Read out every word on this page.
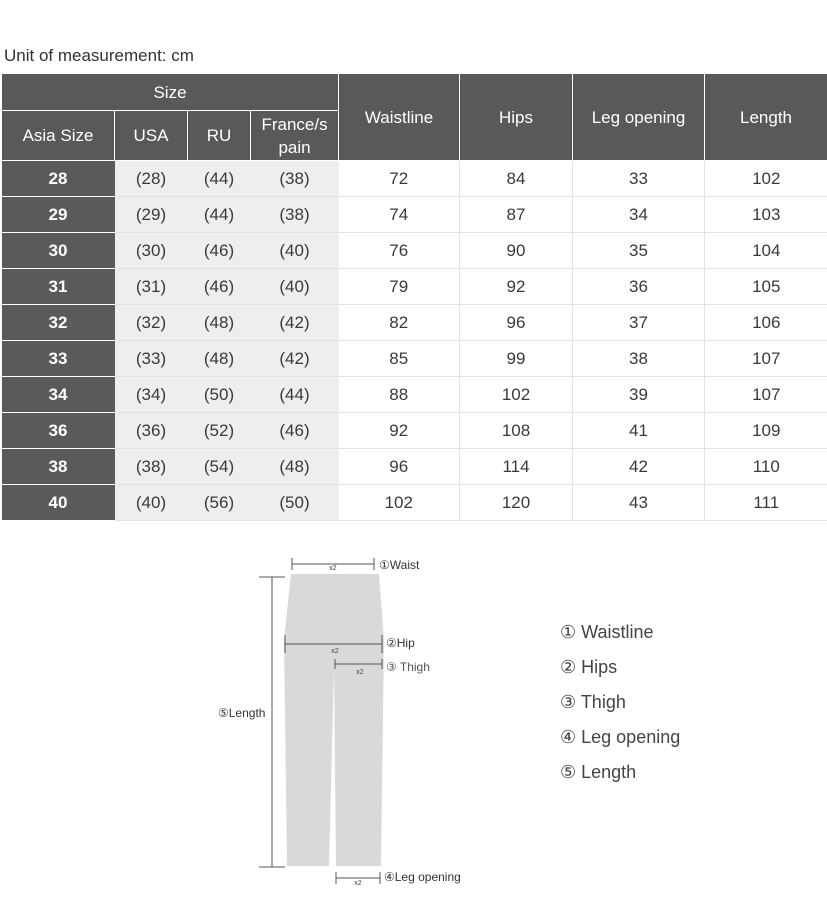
Unit of measurement: cm
Size				Waistline	Hips	Leg opening	Length
Asia Size	USA	RU	France/s pain				
28	(28)	(44)	(38)	72	84	33	102
29	(29)	(44)	(38)	74	87	34	103
30	(30)	(46)	(40)	76	90	35	104
31	(31)	(46)	(40)	79	92	36	105
32	(32)	(48)	(42)	82	96	37	106
33	(33)	(48)	(42)	85	99	38	107
34	(34)	(50)	(44)	88	102	39	107
36	(36)	(52)	(46)	92	108	41	109
38	(38)	(54)	(48)	96	114	42	110
40	(40)	(56)	(50)	102	120	43	111
x2	①Waist
x2
②Hip
x2 ③ Thigh
⑤Length
x2 ④Leg opening
① Waistline
② Hips
③ Thigh
④ Leg opening
⑤ Length
